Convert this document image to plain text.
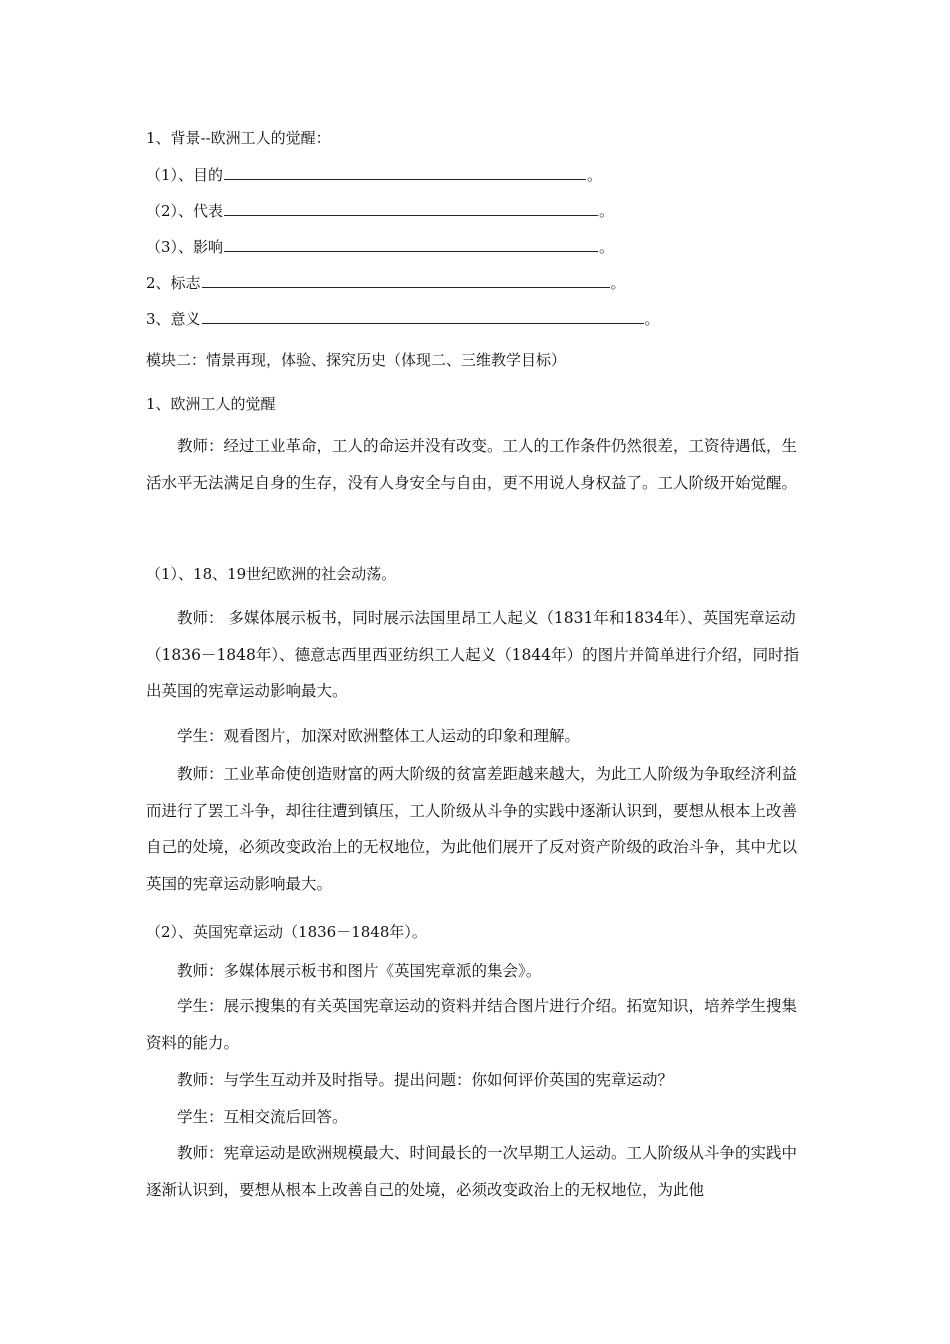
1、背景--欧洲工人的觉醒：
（1）、目的	。
（2）、代表	。
（3）、影响	。
2、标志	。
3、意义	。
模块二：情景再现，体验、探究历史（体现二、三维教学目标）
1、欧洲工人的觉醒
教师：经过工业革命，工人的命运并没有改变。工人的工作条件仍然很差，工资待遇低，生活水平无法满足自身的生存，没有人身安全与自由，更不用说人身权益了。工人阶级开始觉醒。
（1）、18、19世纪欧洲的社会动荡。
教师： 多媒体展示板书，同时展示法国里昂工人起义（1831年和1834年）、英国宪章运动（1836－1848年）、德意志西里西亚纺织工人起义（1844年）的图片并简单进行介绍，同时指出英国的宪章运动影响最大。
学生：观看图片，加深对欧洲整体工人运动的印象和理解。
教师：工业革命使创造财富的两大阶级的贫富差距越来越大，为此工人阶级为争取经济利益而进行了罢工斗争，却往往遭到镇压，工人阶级从斗争的实践中逐渐认识到，要想从根本上改善自己的处境，必须改变政治上的无权地位，为此他们展开了反对资产阶级的政治斗争，其中尤以英国的宪章运动影响最大。
（2）、英国宪章运动（1836－1848年）。
教师：多媒体展示板书和图片《英国宪章派的集会》。
学生：展示搜集的有关英国宪章运动的资料并结合图片进行介绍。拓宽知识，培养学生搜集资料的能力。
教师：与学生互动并及时指导。提出问题：你如何评价英国的宪章运动？
学生：互相交流后回答。
教师：宪章运动是欧洲规模最大、时间最长的一次早期工人运动。工人阶级从斗争的实践中逐渐认识到，要想从根本上改善自己的处境，必须改变政治上的无权地位，为此他
